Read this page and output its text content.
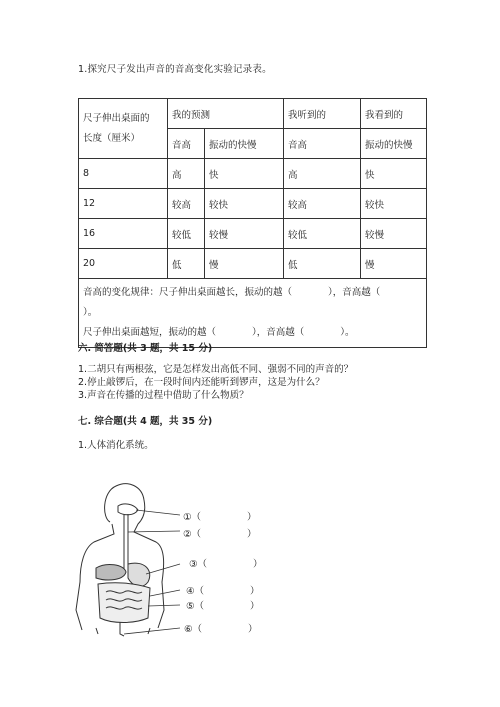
1.探究尺子发出声音的音高变化实验记录表。
尺子伸出桌面的
长度（厘米）	我的预测		我听到的	我看到的
	音高	振动的快慢	音高	振动的快慢
8	高	快	高	快
12	较高	较快	较高	较快
16	较低	较慢	较低	较慢
20	低	慢	低	慢

音高的变化规律：尺子伸出桌面越长，振动的越（ ），音高越（）。
尺子伸出桌面越短，振动的越（ ），音高越（ ）。				
六. 简答题(共 3 题，共 15 分)
1.二胡只有两根弦，它是怎样发出高低不同、强弱不同的声音的？
2.停止敲锣后，在一段时间内还能听到锣声，这是为什么？
3.声音在传播的过程中借助了什么物质？
七. 综合题(共 4 题，共 35 分)
1.人体消化系统。
①（	）
②（	）
③（	）
④（	）
⑤（	）
⑥（	）
